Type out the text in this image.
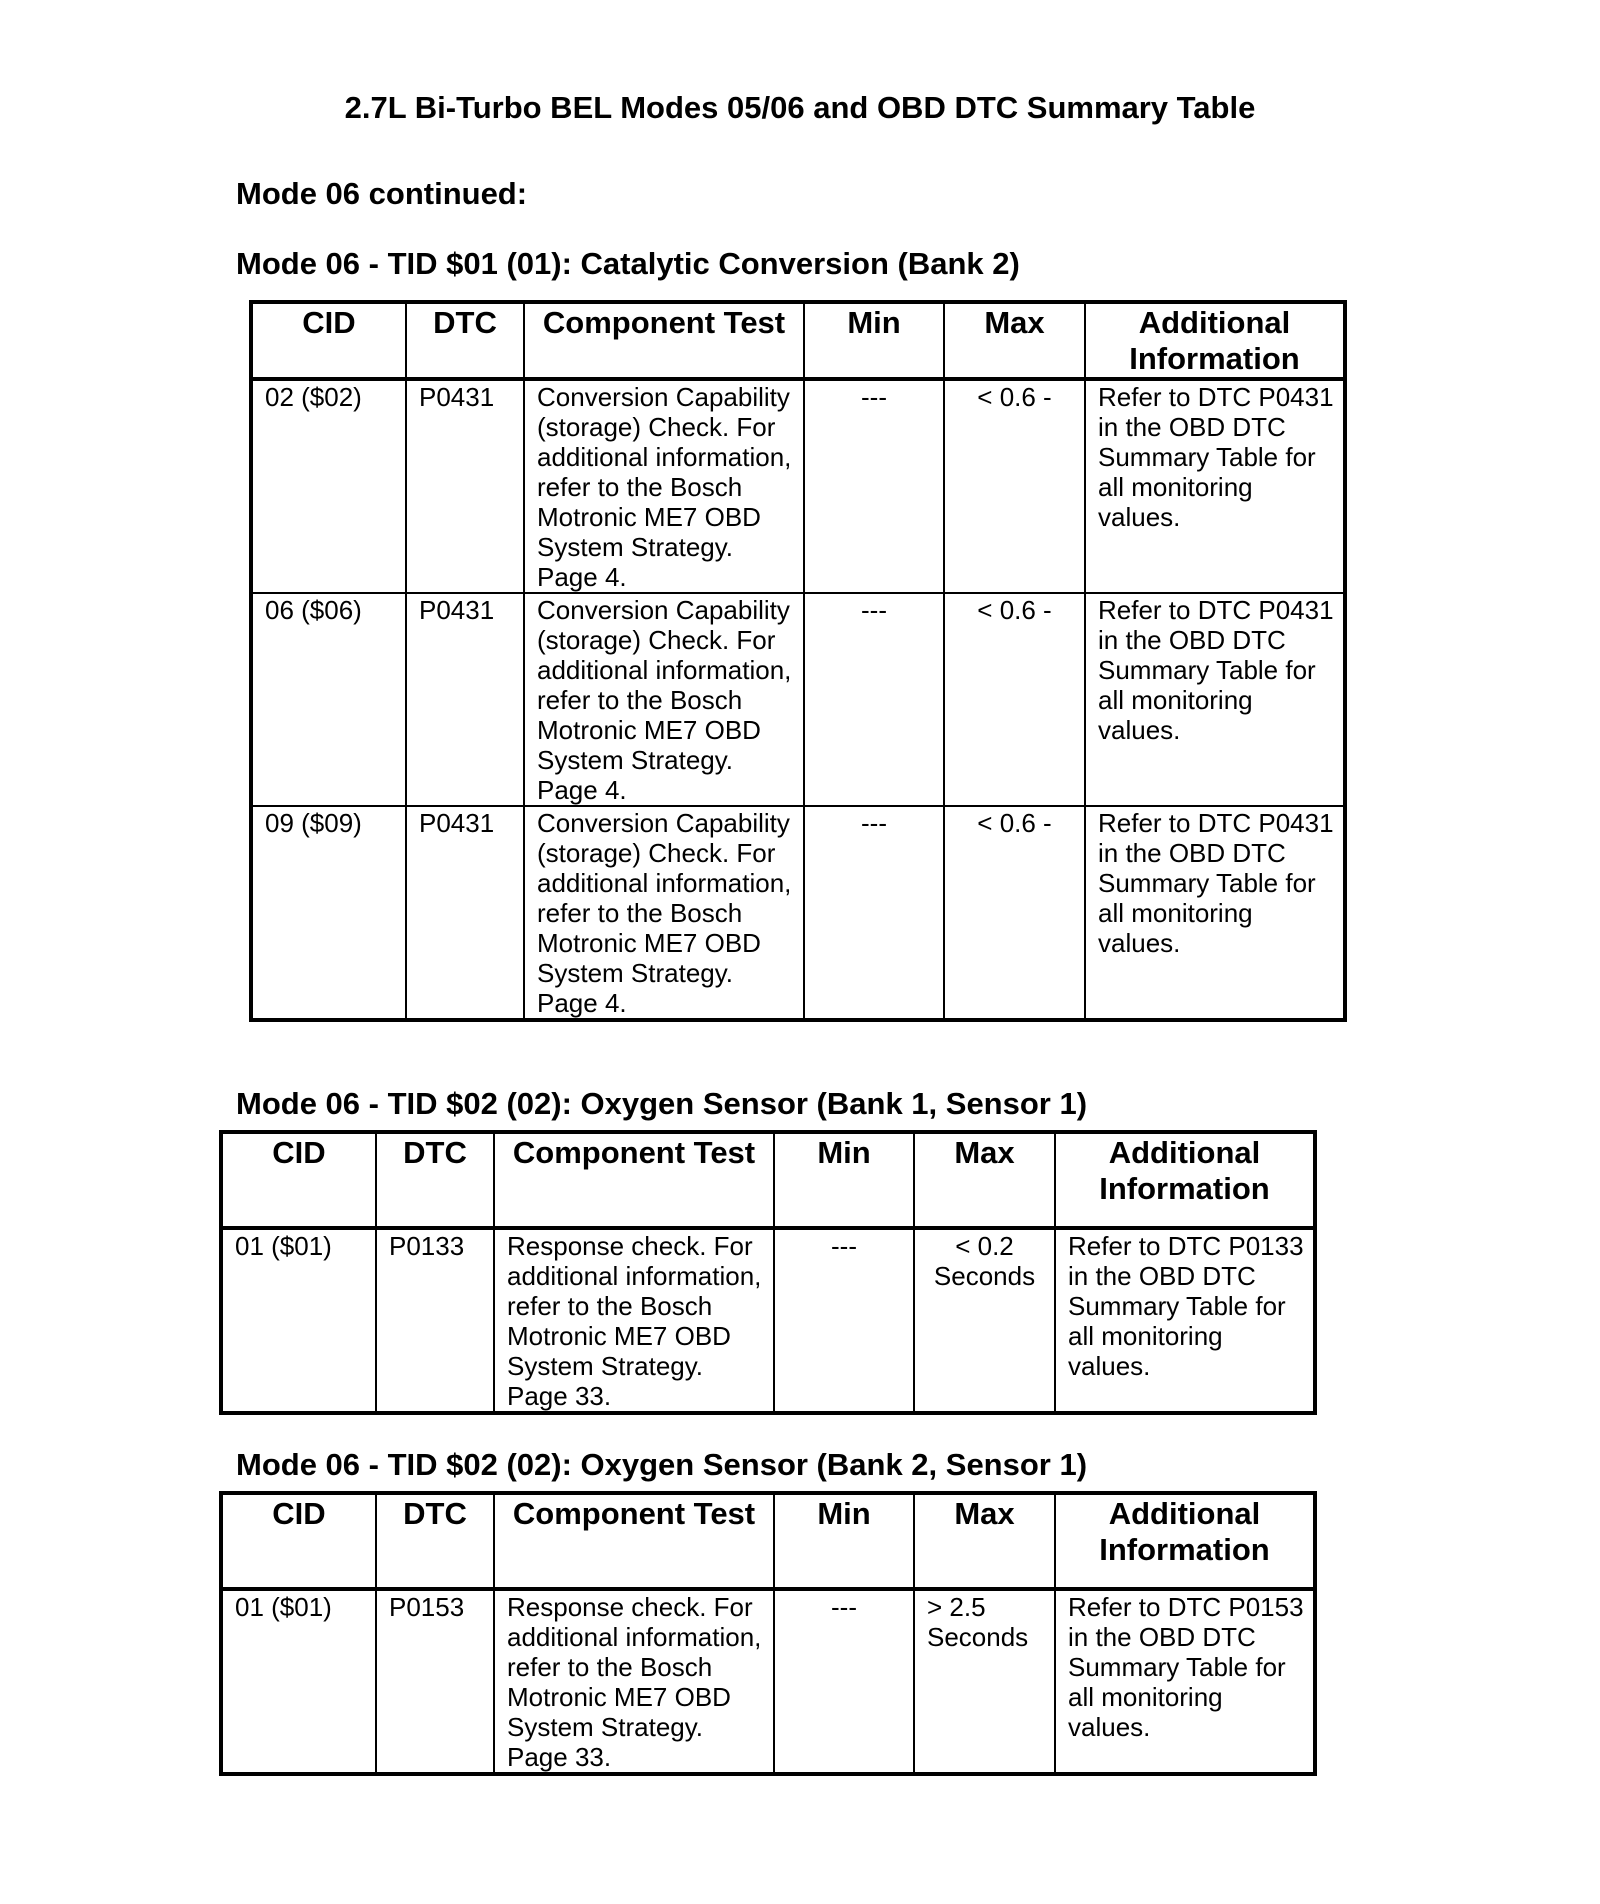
2.7L Bi-Turbo BEL Modes 05/06 and OBD DTC Summary Table
Mode 06 continued:
Mode 06 - TID $01 (01): Catalytic Conversion (Bank 2)
CID	DTC	Component Test	Min	Max	Additional Information
02 ($02)	P0431	Conversion Capability (storage) Check. For additional information, refer to the Bosch Motronic ME7 OBD System Strategy. Page 4.	---	< 0.6 -	Refer to DTC P0431 in the OBD DTC Summary Table for all monitoring values.
06 ($06)	P0431	Conversion Capability (storage) Check. For additional information, refer to the Bosch Motronic ME7 OBD System Strategy. Page 4.	---	< 0.6 -	Refer to DTC P0431 in the OBD DTC Summary Table for all monitoring values.
09 ($09)	P0431	Conversion Capability (storage) Check. For additional information, refer to the Bosch Motronic ME7 OBD System Strategy. Page 4.	---	< 0.6 -	Refer to DTC P0431 in the OBD DTC Summary Table for all monitoring values.
Mode 06 - TID $02 (02): Oxygen Sensor (Bank 1, Sensor 1)
CID	DTC	Component Test	Min	Max	Additional Information
01 ($01)	P0133	Response check. For additional information, refer to the Bosch Motronic ME7 OBD System Strategy. Page 33.	---	< 0.2 Seconds	Refer to DTC P0133 in the OBD DTC Summary Table for all monitoring values.
Mode 06 - TID $02 (02): Oxygen Sensor (Bank 2, Sensor 1)
CID	DTC	Component Test	Min	Max	Additional Information
01 ($01)	P0153	Response check. For additional information, refer to the Bosch Motronic ME7 OBD System Strategy. Page 33.	---	> 2.5 Seconds	Refer to DTC P0153 in the OBD DTC Summary Table for all monitoring values.
